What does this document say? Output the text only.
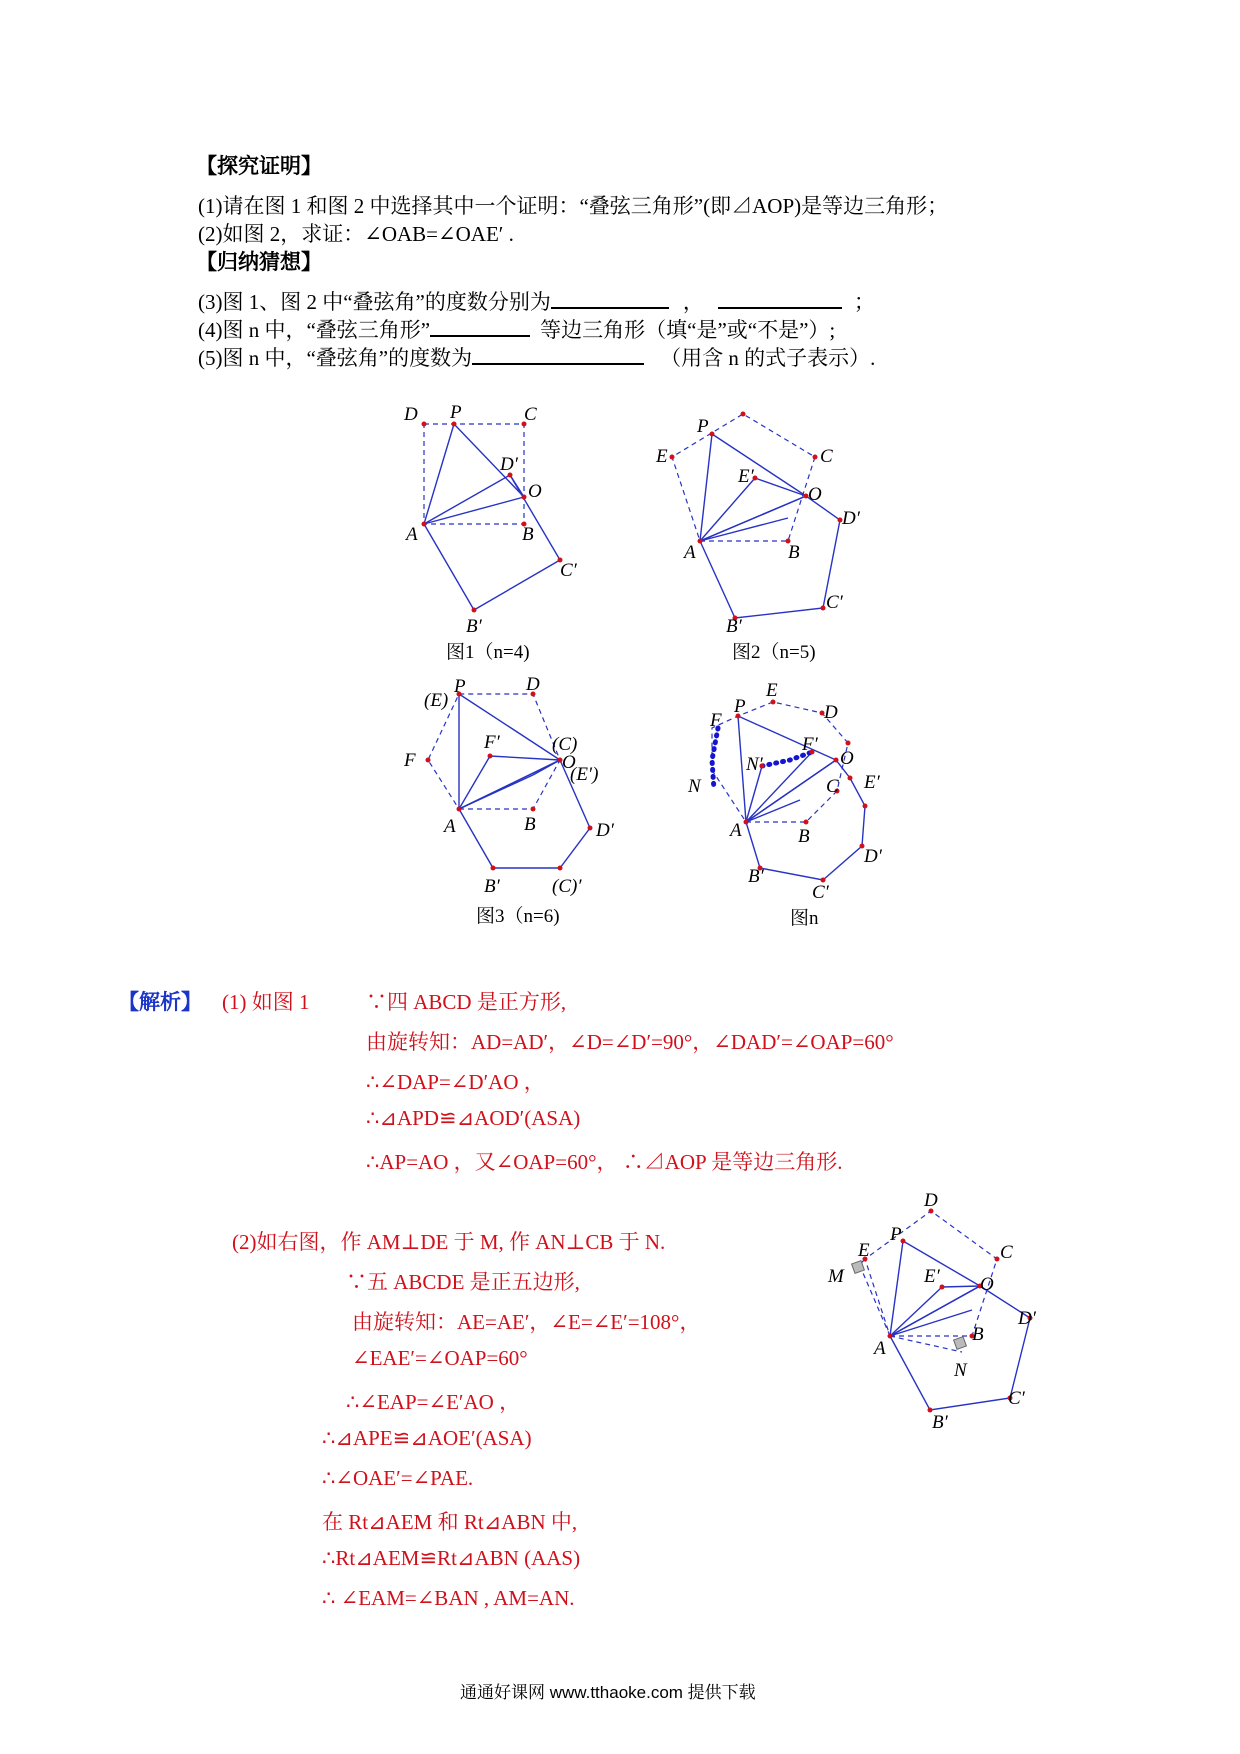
【探究证明】
(1)请在图 1 和图 2 中选择其中一个证明：“叠弦三角形”(即⊿AOP)是等边三角形；
(2)如图 2，求证：∠OAB=∠OAE′ .
【归纳猜想】
(3)图 1、图 2 中“叠弦角”的度数分别为	，	；
(4)图 n 中，“叠弦三角形”	等边三角形（填“是”或“不是”）;
(5)图 n 中，“叠弦角”的度数为	（用含 n 的式子表示）.
D P	C
D′
O
A	B
C′
B′
图1（n=4)
P
E	C
E′
O
D′
A	B
C′
B′
图2（n=5)
P
(E)
D
F
F′	(C)
O
(E′)
A	B	D′
B′	(C)′
图3（n=6)
P
E
D
F
N′
F′
O
C E′
N
A	B
D′
B′
C′
图n
D
P
E	C
M	E′ O
A
B
D′
N
C′
B′
【解析】 (1) 如图 1	∵四 ABCD 是正方形,
由旋转知：AD=AD′，∠D=∠D′=90°，∠DAD′=∠OAP=60°
∴∠DAP=∠D′AO ，
∴⊿APD≌⊿AOD′(ASA)
∴AP=AO ，又∠OAP=60°， ∴⊿AOP 是等边三角形.
(2)如右图，作 AM⊥DE 于 M, 作 AN⊥CB 于 N.
∵五 ABCDE 是正五边形,
由旋转知：AE=AE′，∠E=∠E′=108°，
∠EAE′=∠OAP=60°
∴∠EAP=∠E′AO ，
∴⊿APE≌⊿AOE′(ASA)
∴∠OAE′=∠PAE.
在 Rt⊿AEM 和 Rt⊿ABN 中,
∴Rt⊿AEM≌Rt⊿ABN (AAS)
∴ ∠EAM=∠BAN , AM=AN.
通通好课网 www.tthaoke.com 提供下载
